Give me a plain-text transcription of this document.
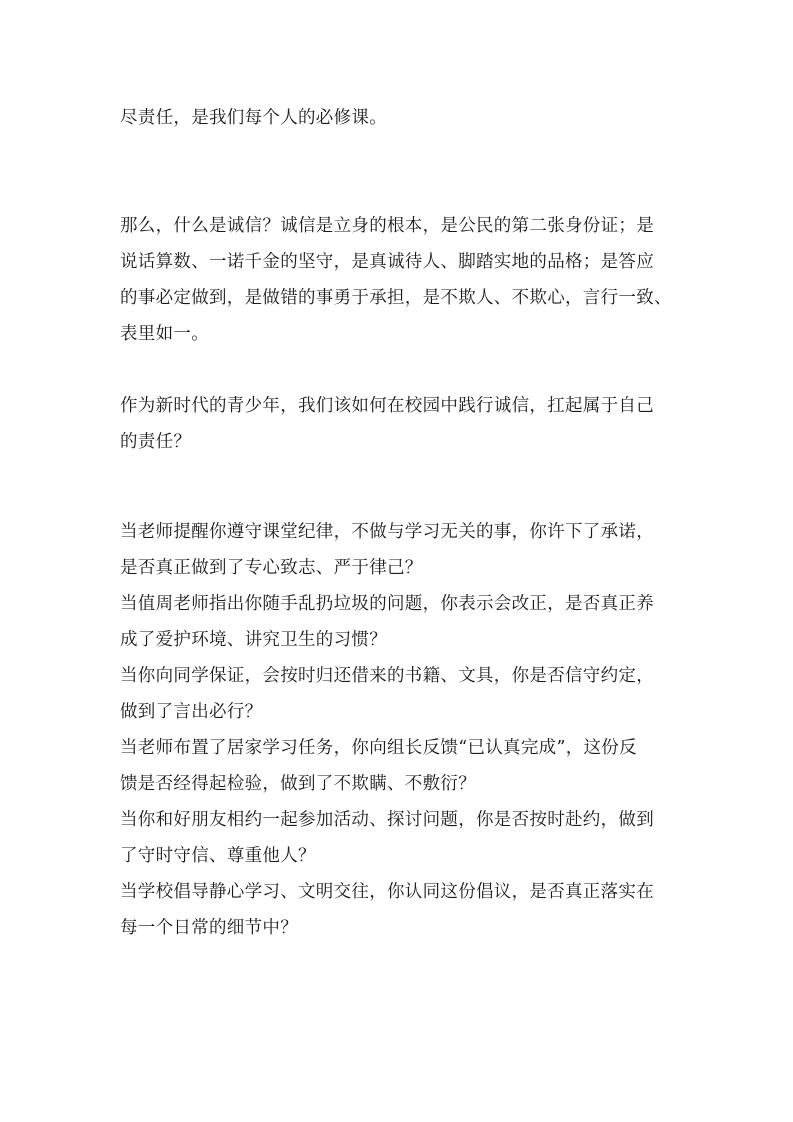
尽责任，是我们每个人的必修课。
那么，什么是诚信？诚信是立身的根本，是公民的第二张身份证；是
说话算数、一诺千金的坚守，是真诚待人、脚踏实地的品格；是答应
的事必定做到，是做错的事勇于承担，是不欺人、不欺心，言行一致、
表里如一。
作为新时代的青少年，我们该如何在校园中践行诚信，扛起属于自己
的责任？
当老师提醒你遵守课堂纪律，不做与学习无关的事，你许下了承诺，
是否真正做到了专心致志、严于律己？
当值周老师指出你随手乱扔垃圾的问题，你表示会改正，是否真正养
成了爱护环境、讲究卫生的习惯？
当你向同学保证，会按时归还借来的书籍、文具，你是否信守约定，
做到了言出必行？
当老师布置了居家学习任务，你向组长反馈“已认真完成”，这份反
馈是否经得起检验，做到了不欺瞒、不敷衍？
当你和好朋友相约一起参加活动、探讨问题，你是否按时赴约，做到
了守时守信、尊重他人？
当学校倡导静心学习、文明交往，你认同这份倡议，是否真正落实在
每一个日常的细节中？
